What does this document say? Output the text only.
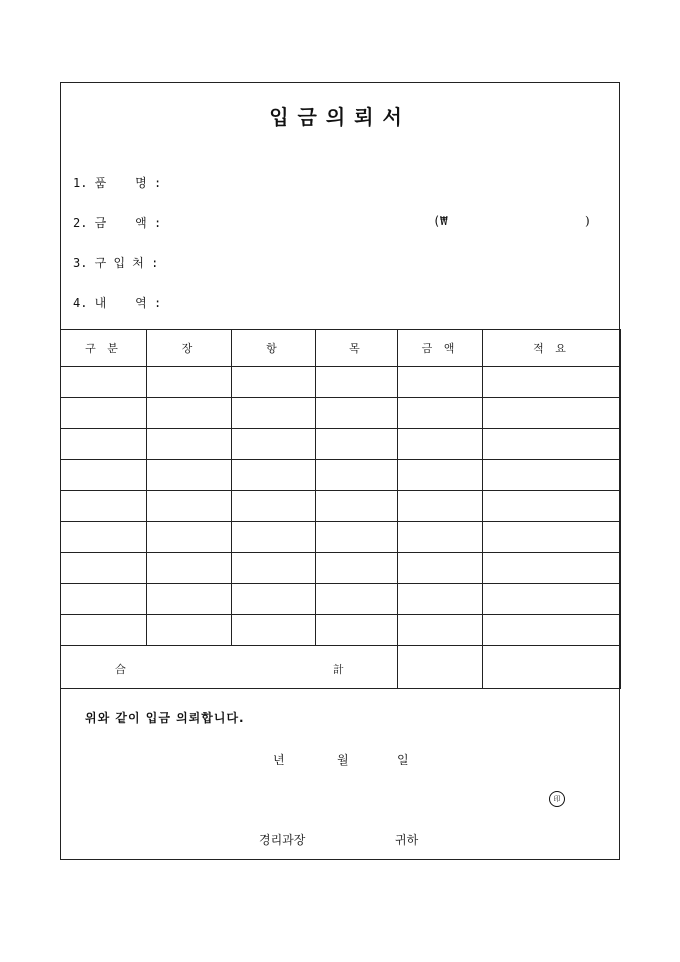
입금의뢰서
1. 품    명 :
2. 금    액 :
3. 구 입 처 :
4. 내    역 :
(₩	)
구 분	장	항	목	금 액	적 요

合 計					

위와 같이 입금 의뢰합니다.
년	월	일
印
경리과장	귀하
